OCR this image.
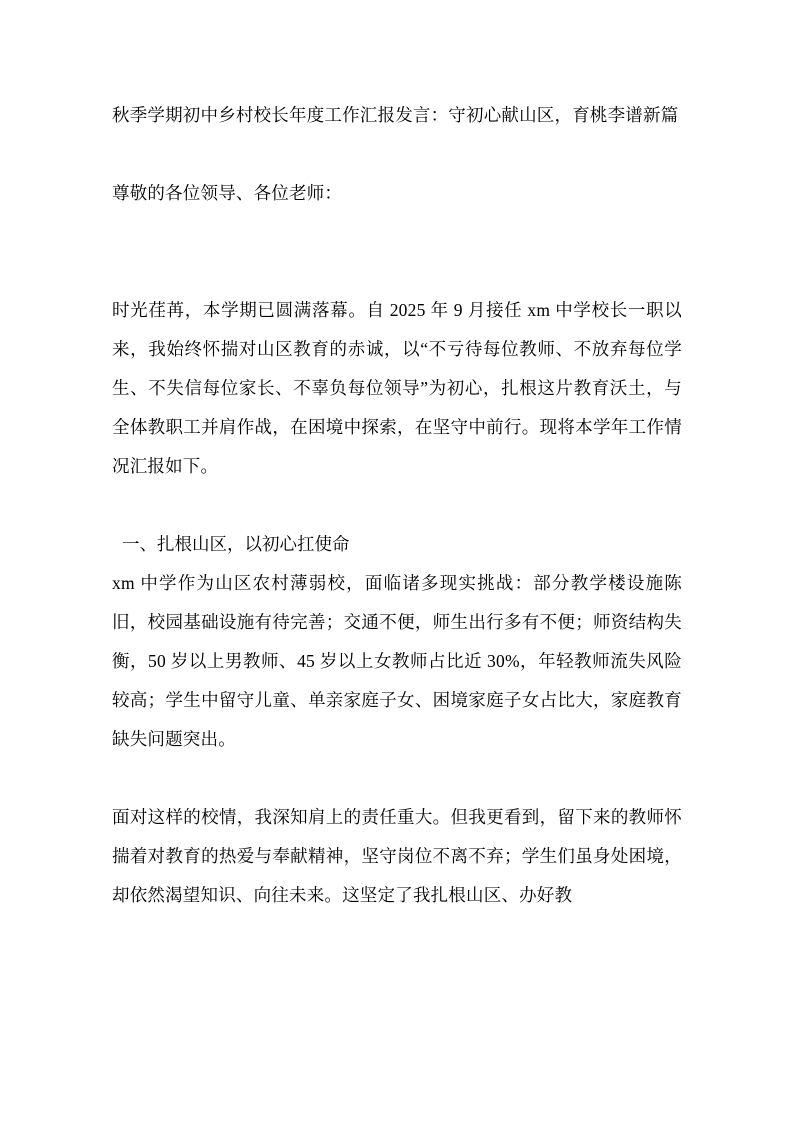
秋季学期初中乡村校长年度工作汇报发言：守初心献山区，育桃李谱新篇

尊敬的各位领导、各位老师：

时光荏苒，本学期已圆满落幕。自 2025 年 9 月接任 xm 中学校长一职以来，我始终怀揣对山区教育的赤诚，以“不亏待每位教师、不放弃每位学生、不失信每位家长、不辜负每位领导”为初心，扎根这片教育沃土，与全体教职工并肩作战，在困境中探索，在坚守中前行。现将本学年工作情况汇报如下。

一、扎根山区，以初心扛使命

xm 中学作为山区农村薄弱校，面临诸多现实挑战：部分教学楼设施陈旧，校园基础设施有待完善；交通不便，师生出行多有不便；师资结构失衡，50 岁以上男教师、45 岁以上女教师占比近 30%，年轻教师流失风险较高；学生中留守儿童、单亲家庭子女、困境家庭子女占比大，家庭教育缺失问题突出。

面对这样的校情，我深知肩上的责任重大。但我更看到，留下来的教师怀揣着对教育的热爱与奉献精神，坚守岗位不离不弃；学生们虽身处困境，却依然渴望知识、向往未来。这坚定了我扎根山区、办好教
